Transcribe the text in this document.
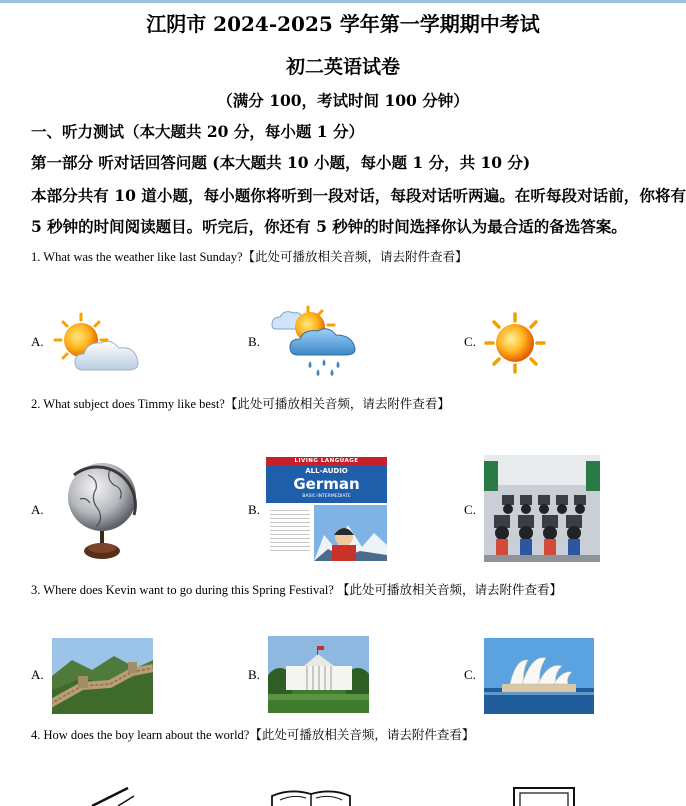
江阴市 2024-2025 学年第一学期期中考试
初二英语试卷
（满分 100，考试时间 100 分钟）
一、听力测试（本大题共 20 分，每小题 1 分）
第一部分 听对话回答问题 (本大题共 10 小题，每小题 1 分，共 10 分)
本部分共有 10 道小题，每小题你将听到一段对话，每段对话听两遍。在听每段对话前，你将有 5 秒钟的时间阅读题目。听完后，你还有 5 秒钟的时间选择你认为最合适的备选答案。
1. What was the weather like last Sunday?【此处可播放相关音频，请去附件查看】
A.	B.	C.
2. What subject does Timmy like best?【此处可播放相关音频，请去附件查看】
A.	B.
LIVING LANGUAGE
ALL-AUDIO
German
BASIC-INTERMEDIATE
C.
3. Where does Kevin want to go during this Spring Festival? 【此处可播放相关音频，请去附件查看】
A.	B.	C.
4. How does the boy learn about the world?【此处可播放相关音频，请去附件查看】
